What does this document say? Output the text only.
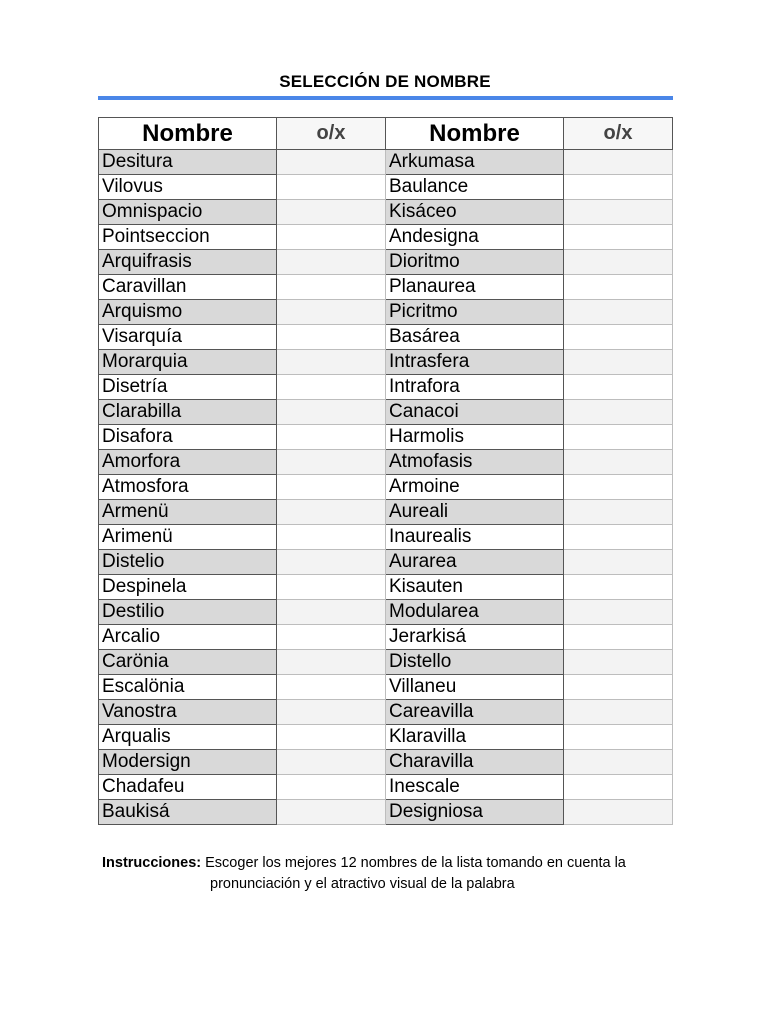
SELECCIÓN DE NOMBRE
Nombre	o/x	Nombre	o/x
Desitura		Arkumasa	
Vilovus		Baulance	
Omnispacio		Kisáceo	
Pointseccion		Andesigna	
Arquifrasis		Dioritmo	
Caravillan		Planaurea	
Arquismo		Picritmo	
Visarquía		Basárea	
Morarquia		Intrasfera	
Disetría		Intrafora	
Clarabilla		Canacoi	
Disafora		Harmolis	
Amorfora		Atmofasis	
Atmosfora		Armoine	
Armenü		Aureali	
Arimenü		Inaurealis	
Distelio		Aurarea	
Despinela		Kisauten	
Destilio		Modularea	
Arcalio		Jerarkisá	
Carönia		Distello	
Escalönia		Villaneu	
Vanostra		Careavilla	
Arqualis		Klaravilla	
Modersign		Charavilla	
Chadafeu		Inescale	
Baukisá		Designiosa	
Instrucciones: Escoger los mejores 12 nombres de la lista tomando en cuenta la
pronunciación y el atractivo visual de la palabra
